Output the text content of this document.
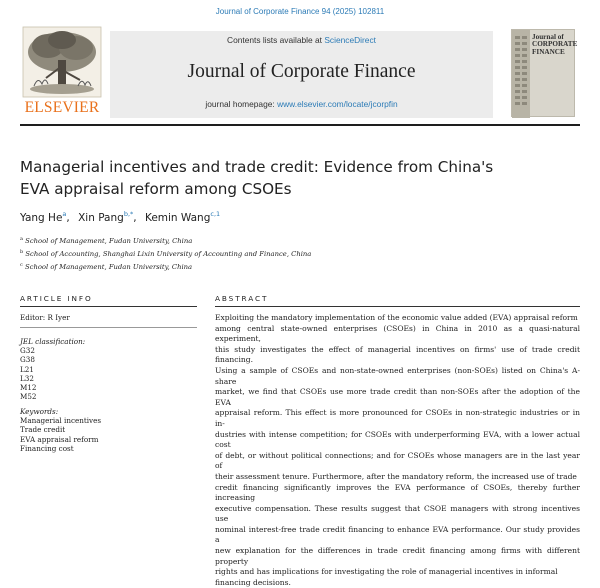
Journal of Corporate Finance 94 (2025) 102811
ELSEVIER
Contents lists available at ScienceDirect
Journal of Corporate Finance
journal homepage: www.elsevier.com/locate/jcorpfin
Journal of
CORPORATE
FINANCE
Managerial incentives and trade credit: Evidence from China's
EVA appraisal reform among CSOEs
Yang He$^a$, Xin Pang$^{b,*}$, Kemin Wang$^{c,1}$
$^a$ School of Management, Fudan University, China
$^b$ School of Accounting, Shanghai Lixin University of Accounting and Finance, China
$^c$ School of Management, Fudan University, China
ARTICLE INFO	ABSTRACT
Editor: R Iyer
JEL classification:
G32
G38
L21
L32
M12
M52
Keywords:
Managerial incentives
Trade credit
EVA appraisal reform
Financing cost
Exploiting the mandatory implementation of the economic value added (EVA) appraisal reform
among central state-owned enterprises (CSOEs) in China in 2010 as a quasi-natural experiment,
this study investigates the effect of managerial incentives on firms' use of trade credit financing.
Using a sample of CSOEs and non-state-owned enterprises (non-SOEs) listed on China's A-share
market, we find that CSOEs use more trade credit than non-SOEs after the adoption of the EVA
appraisal reform. This effect is more pronounced for CSOEs in non-strategic industries or in in-
dustries with intense competition; for CSOEs with underperforming EVA, with a lower actual cost
of debt, or without political connections; and for CSOEs whose managers are in the last year of
their assessment tenure. Furthermore, after the mandatory reform, the increased use of trade
credit financing significantly improves the EVA performance of CSOEs, thereby further increasing
executive compensation. These results suggest that CSOE managers with strong incentives use
nominal interest-free trade credit financing to enhance EVA performance. Our study provides a
new explanation for the differences in trade credit financing among firms with different property
rights and has implications for investigating the role of managerial incentives in informal
financing decisions.
